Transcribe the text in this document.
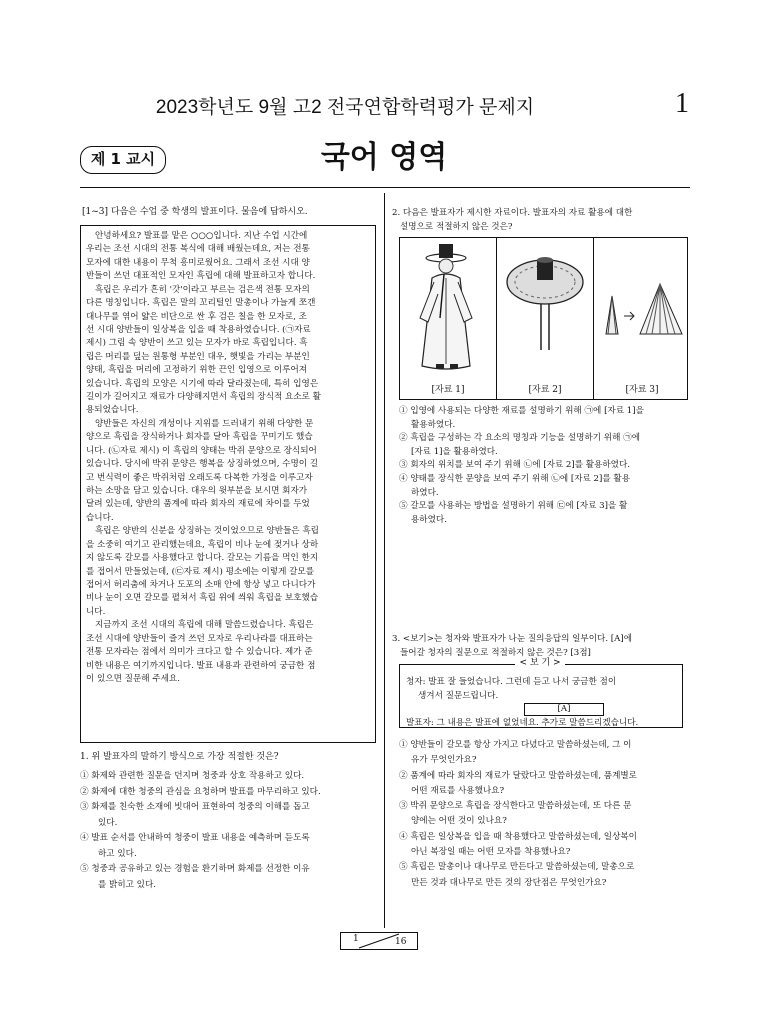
2023학년도 9월 고2 전국연합학력평가 문제지	1
제 1 교시	국어 영역
[1~3] 다음은 수업 중 학생의 발표이다. 물음에 답하시오.

안녕하세요? 발표를 맡은 ○○○입니다. 지난 수업 시간에

우리는 조선 시대의 전통 복식에 대해 배웠는데요, 저는 전통

모자에 대한 내용이 무척 흥미로웠어요. 그래서 조선 시대 양

반들이 쓰던 대표적인 모자인 흑립에 대해 발표하고자 합니다.

흑립은 우리가 흔히 '갓'이라고 부르는 검은색 전통 모자의

다른 명칭입니다. 흑립은 말의 꼬리털인 말총이나 가늘게 쪼갠

대나무를 엮어 얇은 비단으로 싼 후 검은 칠을 한 모자로, 조

선 시대 양반들이 일상복을 입을 때 착용하였습니다. (㉠자료

제시) 그림 속 양반이 쓰고 있는 모자가 바로 흑립입니다. 흑

립은 머리를 덮는 원통형 부분인 대우, 햇빛을 가리는 부분인

양태, 흑립을 머리에 고정하기 위한 끈인 입영으로 이루어져

있습니다. 흑립의 모양은 시기에 따라 달라졌는데, 특히 입영은

길이가 길어지고 재료가 다양해지면서 흑립의 장식적 요소로 활

용되었습니다.

양반들은 자신의 개성이나 지위를 드러내기 위해 다양한 문

양으로 흑립을 장식하거나 회자를 달아 흑립을 꾸미기도 했습

니다. (㉡자료 제시) 이 흑립의 양태는 박쥐 문양으로 장식되어

있습니다. 당시에 박쥐 문양은 행복을 상징하였으며, 수명이 길

고 번식력이 좋은 박쥐처럼 오래도록 다복한 가정을 이루고자

하는 소망을 담고 있습니다. 대우의 윗부분을 보시면 회자가

달려 있는데, 양반의 품계에 따라 회자의 재료에 차이를 두었

습니다.

흑립은 양반의 신분을 상징하는 것이었으므로 양반들은 흑립

을 소중히 여기고 관리했는데요, 흑립이 비나 눈에 젖거나 상하

지 않도록 갈모를 사용했다고 합니다. 갈모는 기름을 먹인 한지

를 접어서 만들었는데, (㉢자료 제시) 평소에는 이렇게 갈모를

접어서 허리춤에 차거나 도포의 소매 안에 항상 넣고 다니다가

비나 눈이 오면 갈모를 펼쳐서 흑립 위에 씌워 흑립을 보호했습

니다.

지금까지 조선 시대의 흑립에 대해 말씀드렸습니다. 흑립은

조선 시대에 양반들이 즐겨 쓰던 모자로 우리나라를 대표하는

전통 모자라는 점에서 의미가 크다고 할 수 있습니다. 제가 준

비한 내용은 여기까지입니다. 발표 내용과 관련하여 궁금한 점

이 있으면 질문해 주세요.

1. 위 발표자의 말하기 방식으로 가장 적절한 것은?
① 화제와 관련한 질문을 던지며 청중과 상호 작용하고 있다.
② 화제에 대한 청중의 관심을 요청하며 발표를 마무리하고 있다.
③ 화제를 친숙한 소재에 빗대어 표현하여 청중의 이해를 돕고
있다.
④ 발표 순서를 안내하여 청중이 발표 내용을 예측하며 듣도록
하고 있다.
⑤ 청중과 공유하고 있는 경험을 환기하며 화제를 선정한 이유
를 밝히고 있다.
2. 다음은 발표자가 제시한 자료이다. 발표자의 자료 활용에 대한
설명으로 적절하지 않은 것은?
[자료 1]	[자료 2]	[자료 3]
① 입영에 사용되는 다양한 재료를 설명하기 위해 ㉠에 [자료 1]을
활용하였다.
② 흑립을 구성하는 각 요소의 명칭과 기능을 설명하기 위해 ㉠에
[자료 1]을 활용하였다.
③ 회자의 위치를 보여 주기 위해 ㉡에 [자료 2]를 활용하였다.
④ 양태를 장식한 문양을 보여 주기 위해 ㉡에 [자료 2]를 활용
하였다.
⑤ 갈모를 사용하는 방법을 설명하기 위해 ㉢에 [자료 3]을 활
용하였다.
3. <보기>는 청자와 발표자가 나눈 질의응답의 일부이다. [A]에
들어갈 청자의 질문으로 적절하지 않은 것은? [3점]
청자: 발표 잘 들었습니다. 그런데 듣고 나서 궁금한 점이
생겨서 질문드립니다.
[A]
발표자: 그 내용은 발표에 없었네요. 추가로 말씀드리겠습니다.
< 보 기 >
① 양반들이 갈모를 항상 가지고 다녔다고 말씀하셨는데, 그 이
유가 무엇인가요?
② 품계에 따라 회자의 재료가 달랐다고 말씀하셨는데, 품계별로
어떤 재료를 사용했나요?
③ 박쥐 문양으로 흑립을 장식한다고 말씀하셨는데, 또 다른 문
양에는 어떤 것이 있나요?
④ 흑립은 일상복을 입을 때 착용했다고 말씀하셨는데, 일상복이
아닌 복장일 때는 어떤 모자를 착용했나요?
⑤ 흑립은 말총이나 대나무로 만든다고 말씀하셨는데, 말총으로
만든 것과 대나무로 만든 것의 장단점은 무엇인가요?
1	16
